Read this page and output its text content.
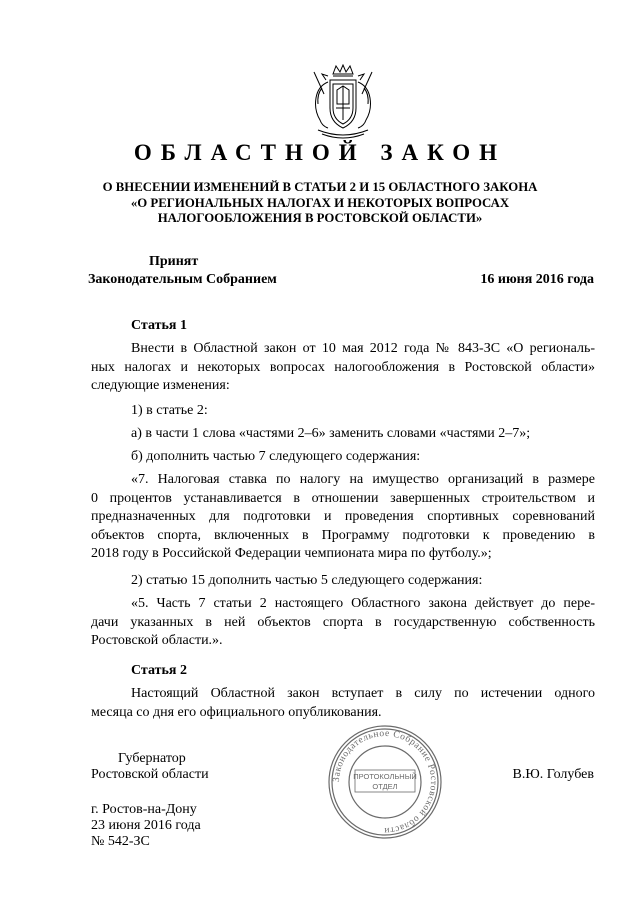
ОБЛАСТНОЙ ЗАКОН
О ВНЕСЕНИИ ИЗМЕНЕНИЙ В СТАТЬИ 2 И 15 ОБЛАСТНОГО ЗАКОНА
«О РЕГИОНАЛЬНЫХ НАЛОГАХ И НЕКОТОРЫХ ВОПРОСАХ
НАЛОГООБЛОЖЕНИЯ В РОСТОВСКОЙ ОБЛАСТИ»
Принят
Законодательным Собранием	16 июня 2016 года
Статья 1
Внести в Областной закон от 10 мая 2012 года № 843-ЗС «О региональ-
ных налогах и некоторых вопросах налогообложения в Ростовской области»
следующие изменения:
1) в статье 2:
а) в части 1 слова «частями 2–6» заменить словами «частями 2–7»;
б) дополнить частью 7 следующего содержания:
«7. Налоговая ставка по налогу на имущество организаций в размере
0 процентов устанавливается в отношении завершенных строительством и
предназначенных для подготовки и проведения спортивных соревнований
объектов спорта, включенных в Программу подготовки к проведению в
2018 году в Российской Федерации чемпионата мира по футболу.»;
2) статью 15 дополнить частью 5 следующего содержания:
«5. Часть 7 статьи 2 настоящего Областного закона действует до пере-
дачи указанных в ней объектов спорта в государственную собственность
Ростовской области.».
Статья 2
Настоящий Областной закон вступает в силу по истечении одного
месяца со дня его официального опубликования.
Губернатор
Ростовской области	В.Ю. Голубев
г. Ростов-на-Дону
23 июня 2016 года
№ 542-ЗС
Законодательное Собрание Ростовской области
ПРОТОКОЛЬНЫЙ
ОТДЕЛ
